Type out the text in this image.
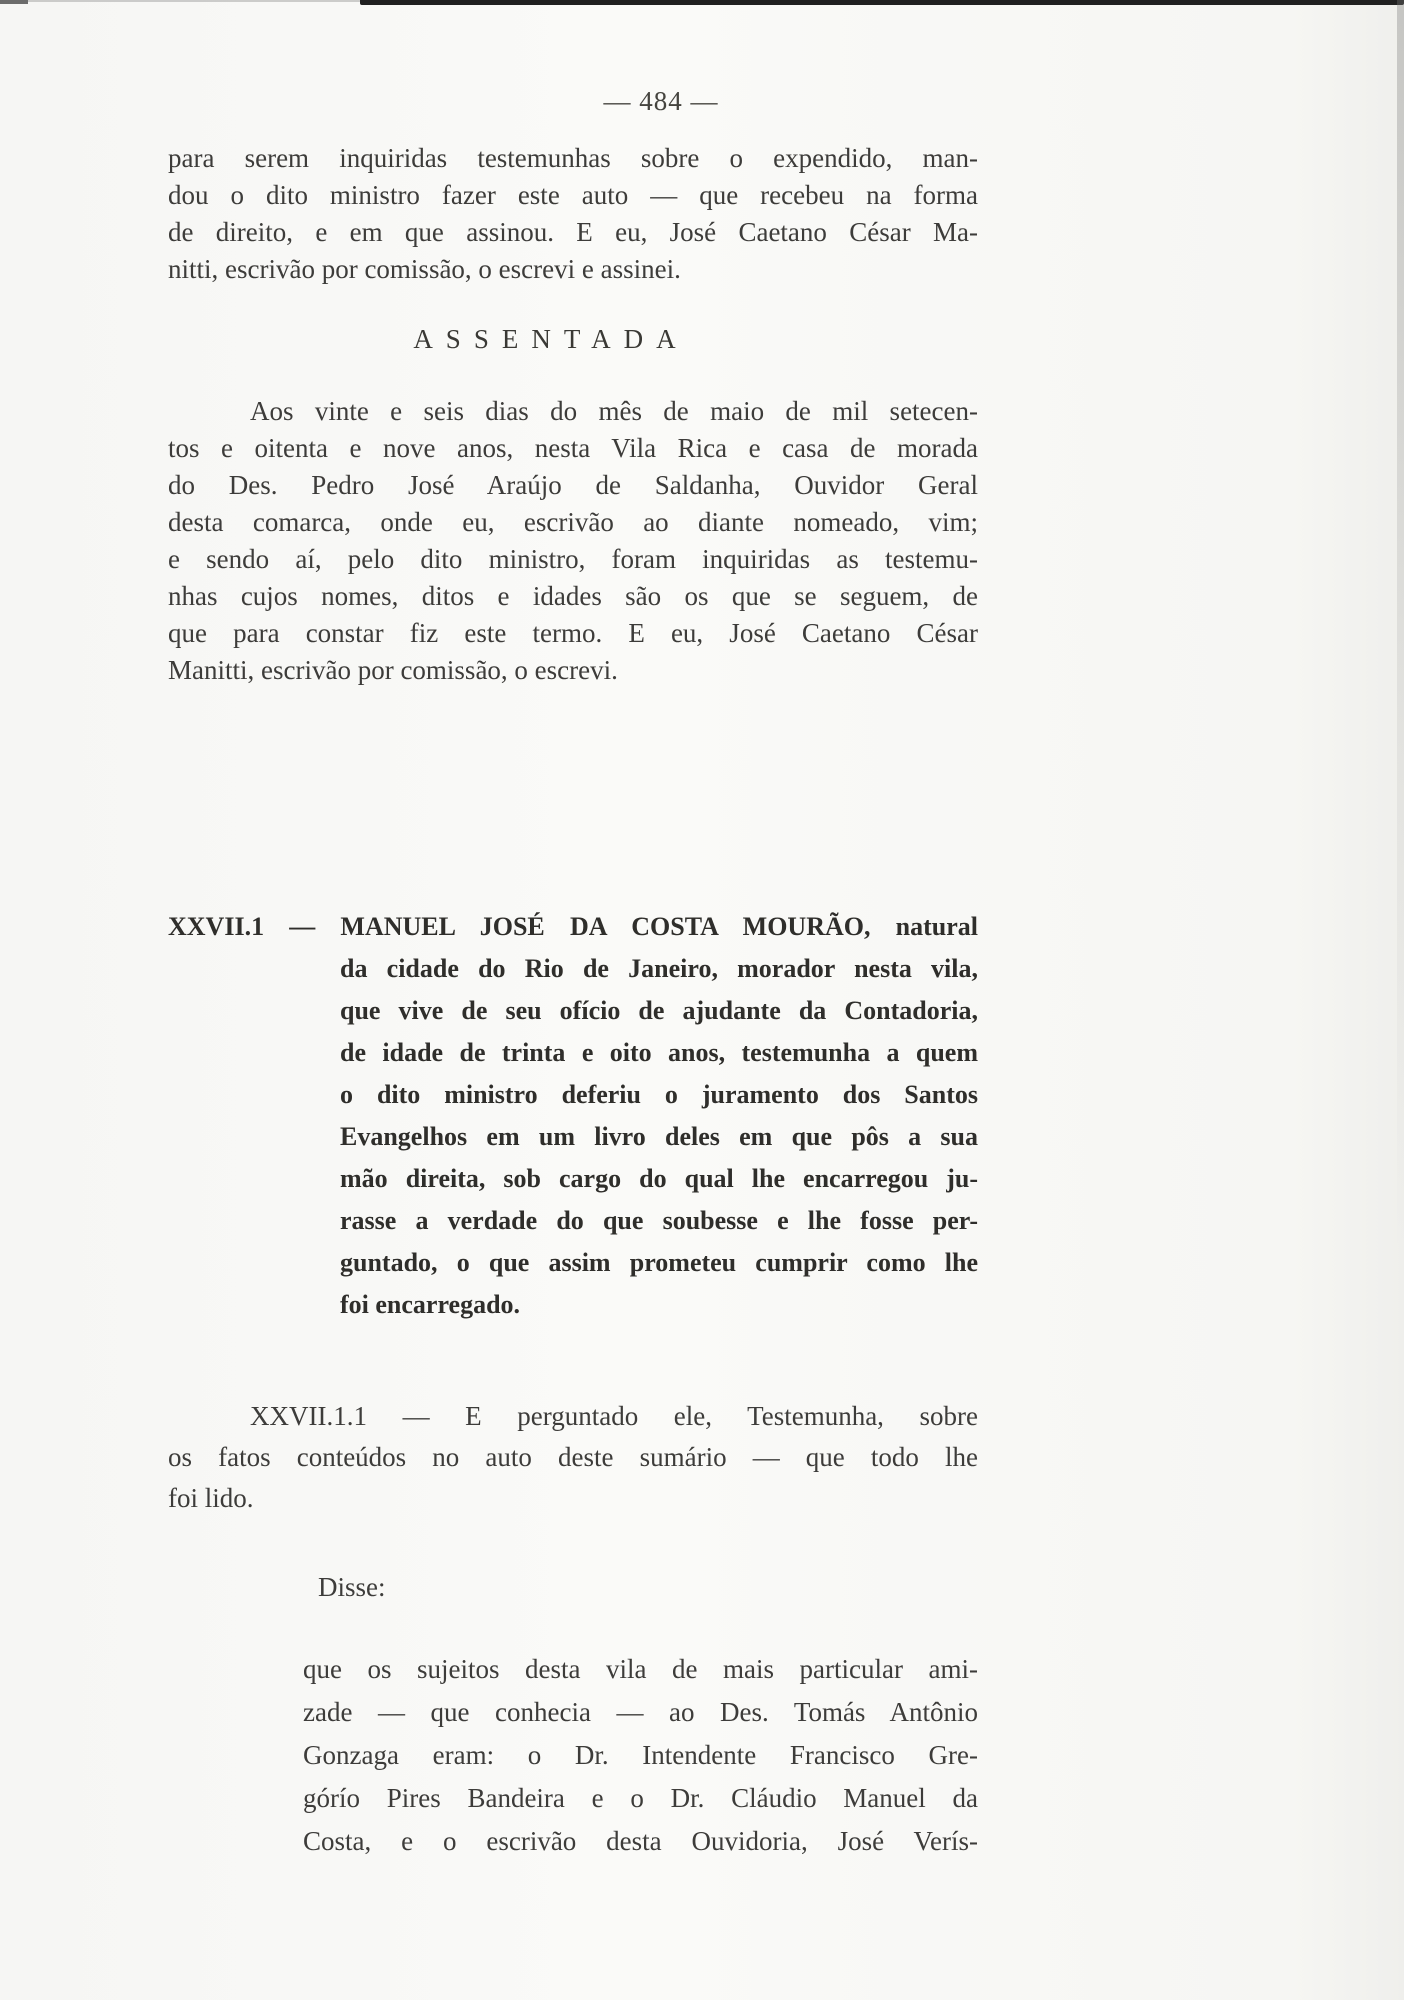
— 484 —
para serem inquiridas testemunhas sobre o expendido, man-
dou o dito ministro fazer este auto — que recebeu na forma
de direito, e em que assinou. E eu, José Caetano César Ma-
nitti, escrivão por comissão, o escrevi e assinei.
ASSENTADA
Aos vinte e seis dias do mês de maio de mil setecen-
tos e oitenta e nove anos, nesta Vila Rica e casa de morada
do Des. Pedro José Araújo de Saldanha, Ouvidor Geral
desta comarca, onde eu, escrivão ao diante nomeado, vim;
e sendo aí, pelo dito ministro, foram inquiridas as testemu-
nhas cujos nomes, ditos e idades são os que se seguem, de
que para constar fiz este termo. E eu, José Caetano César
Manitti, escrivão por comissão, o escrevi.
XXVII.1 — MANUEL JOSÉ DA COSTA MOURÃO, natural
da cidade do Rio de Janeiro, morador nesta vila,
que vive de seu ofício de ajudante da Contadoria,
de idade de trinta e oito anos, testemunha a quem
o dito ministro deferiu o juramento dos Santos
Evangelhos em um livro deles em que pôs a sua
mão direita, sob cargo do qual lhe encarregou ju-
rasse a verdade do que soubesse e lhe fosse per-
guntado, o que assim prometeu cumprir como lhe
foi encarregado.
XXVII.1.1 — E perguntado ele, Testemunha, sobre
os fatos conteúdos no auto deste sumário — que todo lhe
foi lido.
Disse:
que os sujeitos desta vila de mais particular ami-
zade — que conhecia — ao Des. Tomás Antônio
Gonzaga eram: o Dr. Intendente Francisco Gre-
górío Pires Bandeira e o Dr. Cláudio Manuel da
Costa, e o escrivão desta Ouvidoria, José Verís-
